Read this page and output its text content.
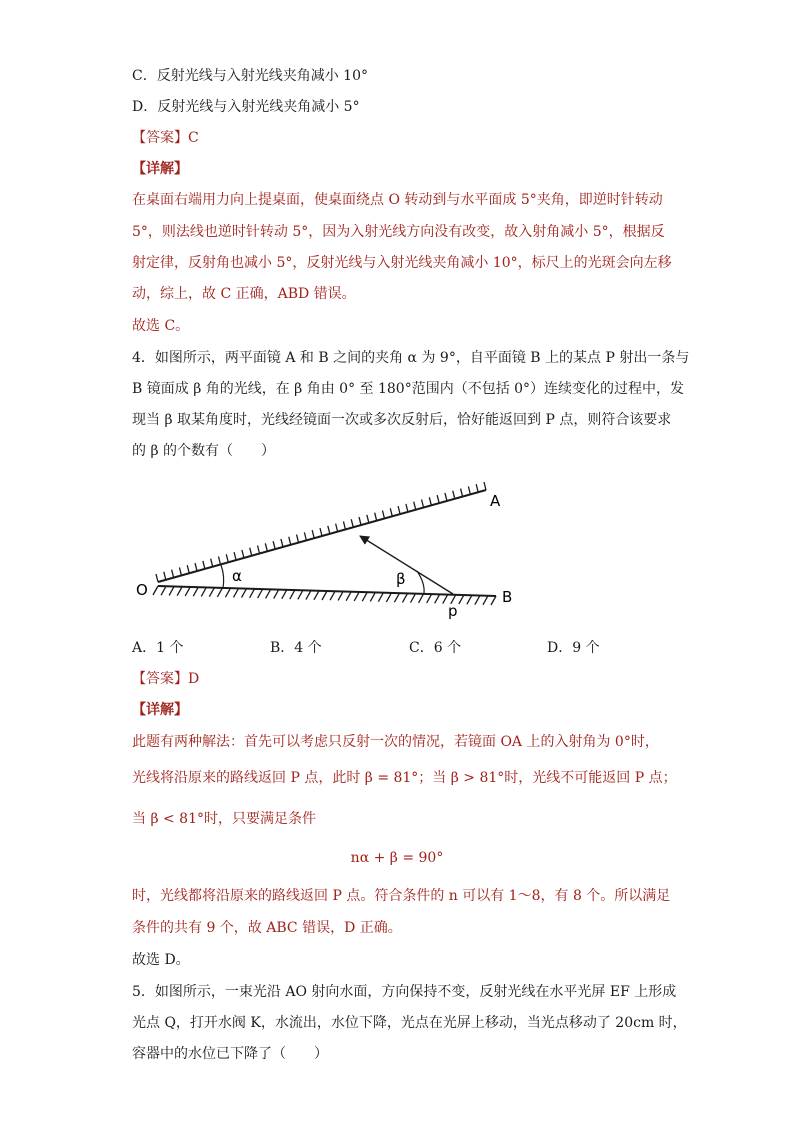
C．反射光线与入射光线夹角减小 10°
D．反射光线与入射光线夹角减小 5°
【答案】C
【详解】
在桌面右端用力向上提桌面，使桌面绕点 O 转动到与水平面成 5°夹角，即逆时针转动
5°，则法线也逆时针转动 5°，因为入射光线方向没有改变，故入射角减小 5°，根据反
射定律，反射角也减小 5°，反射光线与入射光线夹角减小 10°，标尺上的光斑会向左移
动，综上，故 C 正确，ABD 错误。
故选 C。
4．如图所示，两平面镜 A 和 B 之间的夹角 α 为 9°，自平面镜 B 上的某点 P 射出一条与
B 镜面成 β 角的光线，在 β 角由 0° 至 180°范围内（不包括 0°）连续变化的过程中，发
现当 β 取某角度时，光线经镜面一次或多次反射后，恰好能返回到 P 点，则符合该要求
的 β 的个数有（　　）
A
B
O
p
α	β
A．1 个	B．4 个	C．6 个	D．9 个
【答案】D
【详解】
此题有两种解法：首先可以考虑只反射一次的情况，若镜面 OA 上的入射角为 0°时，
光线将沿原来的路线返回 P 点，此时 β = 81°；当 β > 81°时，光线不可能返回 P 点；
当 β < 81°时，只要满足条件
nα + β = 90°
时，光线都将沿原来的路线返回 P 点。符合条件的 n 可以有 1～8，有 8 个。所以满足
条件的共有 9 个，故 ABC 错误，D 正确。
故选 D。
5．如图所示，一束光沿 AO 射向水面，方向保持不变，反射光线在水平光屏 EF 上形成
光点 Q，打开水阀 K，水流出，水位下降，光点在光屏上移动，当光点移动了 20cm 时，
容器中的水位已下降了（　　）
